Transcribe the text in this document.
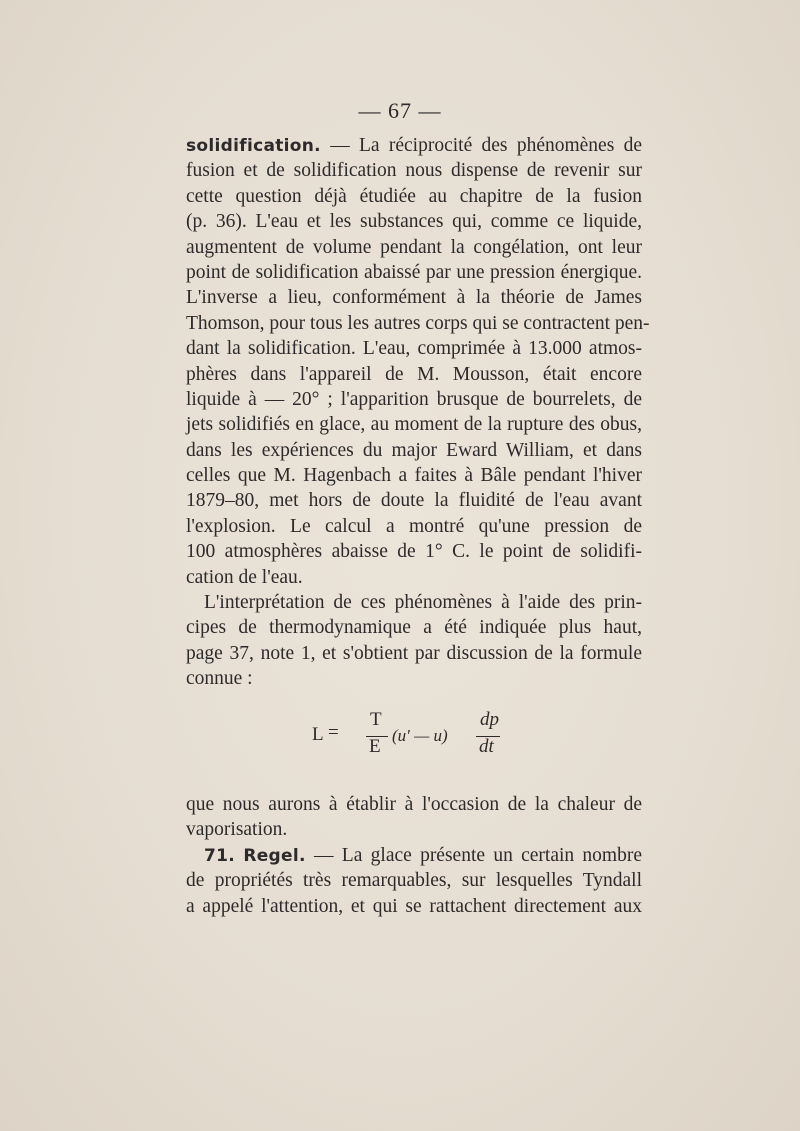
— 67 —
solidification. — La réciprocité des phénomènes de
fusion et de solidification nous dispense de revenir sur
cette question déjà étudiée au chapitre de la fusion
(p. 36). L'eau et les substances qui, comme ce liquide,
augmentent de volume pendant la congélation, ont leur
point de solidification abaissé par une pression énergique.
L'inverse a lieu, conformément à la théorie de James
Thomson, pour tous les autres corps qui se contractent pen-
dant la solidification. L'eau, comprimée à 13.000 atmos-
phères dans l'appareil de M. Mousson, était encore
liquide à — 20° ; l'apparition brusque de bourrelets, de
jets solidifiés en glace, au moment de la rupture des obus,
dans les expériences du major Eward William, et dans
celles que M. Hagenbach a faites à Bâle pendant l'hiver
1879–80, met hors de doute la fluidité de l'eau avant
l'explosion. Le calcul a montré qu'une pression de
100 atmosphères abaisse de 1° C. le point de solidifi-
cation de l'eau.
L'interprétation de ces phénomènes à l'aide des prin-
cipes de thermodynamique a été indiquée plus haut,
page 37, note 1, et s'obtient par discussion de la formule
connue :
L =
T
E
(u′ — u)
dp
dt
que nous aurons à établir à l'occasion de la chaleur de
vaporisation.
71. Regel. — La glace présente un certain nombre
de propriétés très remarquables, sur lesquelles Tyndall
a appelé l'attention, et qui se rattachent directement aux
